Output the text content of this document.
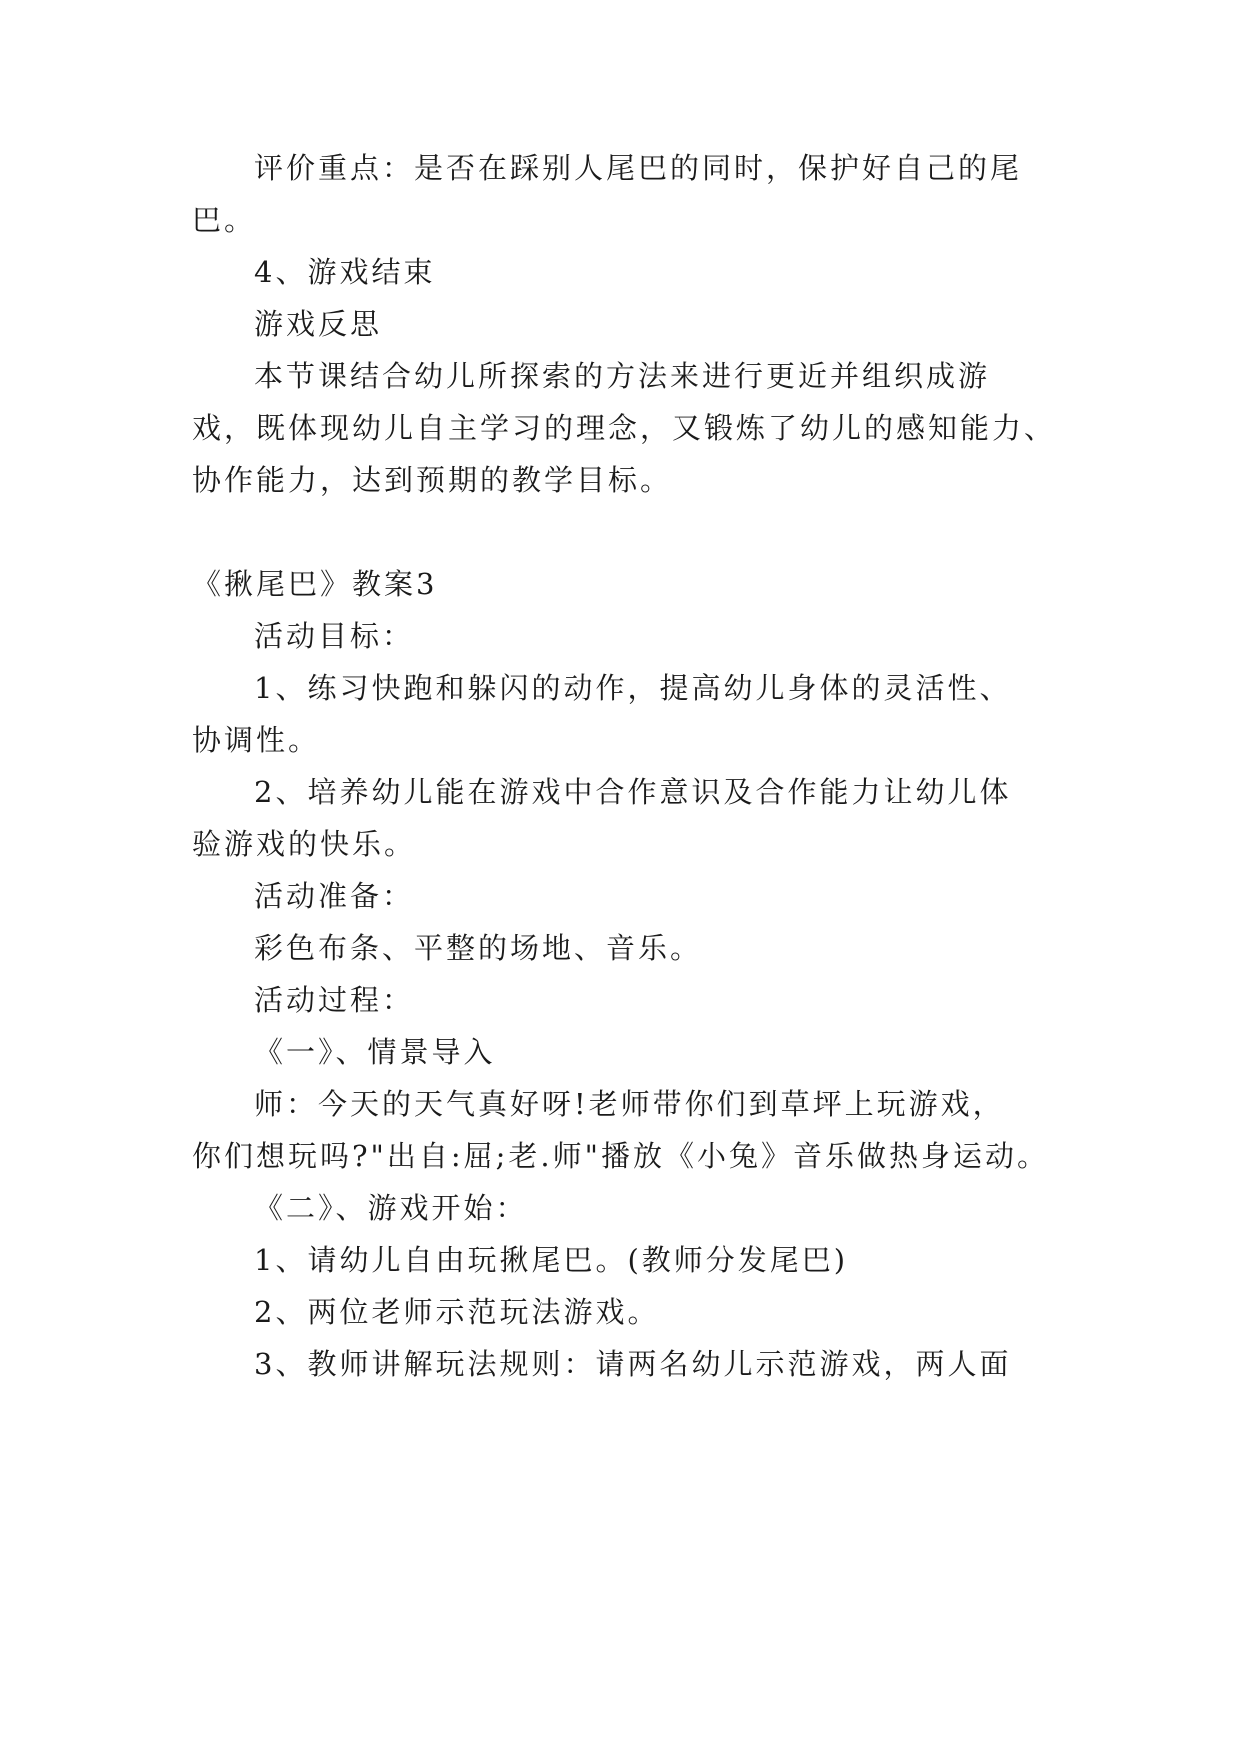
评价重点：是否在踩别人尾巴的同时，保护好自己的尾
巴。
4、游戏结束
游戏反思
本节课结合幼儿所探索的方法来进行更近并组织成游
戏，既体现幼儿自主学习的理念，又锻炼了幼儿的感知能力、
协作能力，达到预期的教学目标。
《揪尾巴》教案3
活动目标：
1、练习快跑和躲闪的动作，提高幼儿身体的灵活性、
协调性。
2、培养幼儿能在游戏中合作意识及合作能力让幼儿体
验游戏的快乐。
活动准备：
彩色布条、平整的场地、音乐。
活动过程：
《一》、情景导入
师：今天的天气真好呀!老师带你们到草坪上玩游戏，
你们想玩吗?"出自:屈;老.师"播放《小兔》音乐做热身运动。
《二》、游戏开始：
1、请幼儿自由玩揪尾巴。(教师分发尾巴)
2、两位老师示范玩法游戏。
3、教师讲解玩法规则：请两名幼儿示范游戏，两人面
